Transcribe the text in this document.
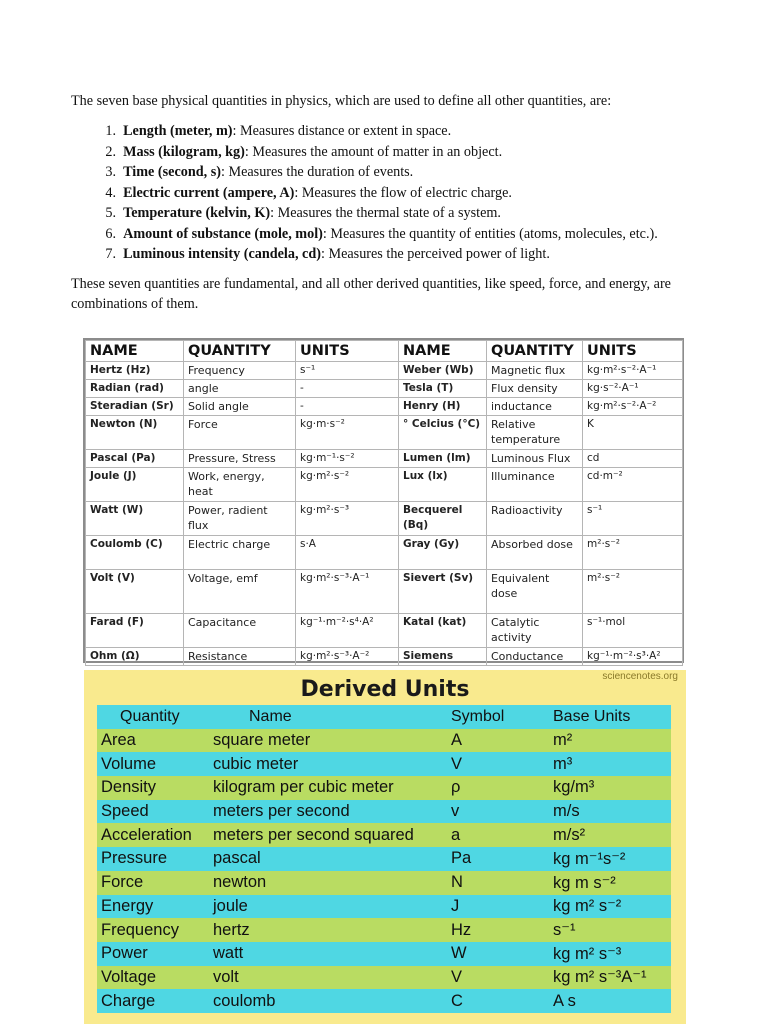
The seven base physical quantities in physics, which are used to define all other quantities, are:

1. Length (meter, m): Measures distance or extent in space.
2. Mass (kilogram, kg): Measures the amount of matter in an object.
3. Time (second, s): Measures the duration of events.
4. Electric current (ampere, A): Measures the flow of electric charge.
5. Temperature (kelvin, K): Measures the thermal state of a system.
6. Amount of substance (mole, mol): Measures the quantity of entities (atoms, molecules, etc.).
7. Luminous intensity (candela, cd): Measures the perceived power of light.

These seven quantities are fundamental, and all other derived quantities, like speed, force, and energy, are combinations of them.

NAME	QUANTITY	UNITS	NAME	QUANTITY	UNITS
Hertz (Hz)	Frequency	s⁻¹	Weber (Wb)	Magnetic flux	kg·m²·s⁻²·A⁻¹
Radian (rad)	angle	-	Tesla (T)	Flux density	kg·s⁻²·A⁻¹
Steradian (Sr)	Solid angle	-	Henry (H)	inductance	kg·m²·s⁻²·A⁻²
Newton (N)	Force	kg·m·s⁻²	° Celcius (°C)	Relative temperature	K
Pascal (Pa)	Pressure, Stress	kg·m⁻¹·s⁻²	Lumen (lm)	Luminous Flux	cd
Joule (J)	Work, energy, heat	kg·m²·s⁻²	Lux (lx)	Illuminance	cd·m⁻²
Watt (W)	Power, radient flux	kg·m²·s⁻³	Becquerel (Bq)	Radioactivity	s⁻¹
Coulomb (C)	Electric charge	s·A	Gray (Gy)	Absorbed dose	m²·s⁻²
Volt (V)	Voltage, emf	kg·m²·s⁻³·A⁻¹	Sievert (Sv)	Equivalent dose	m²·s⁻²
Farad (F)	Capacitance	kg⁻¹·m⁻²·s⁴·A²	Katal (kat)	Catalytic activity	s⁻¹·mol
Ohm (Ω)	Resistance	kg·m²·s⁻³·A⁻²	Siemens	Conductance	kg⁻¹·m⁻²·s³·A²
sciencenotes.org
Derived Units
Quantity	Name	Symbol	Base Units
Area	square meter	A	m²
Volume	cubic meter	V	m³
Density	kilogram per cubic meter	ρ	kg/m³
Speed	meters per second	v	m/s
Acceleration	meters per second squared	a	m/s²
Pressure	pascal	Pa	kg m⁻¹s⁻²
Force	newton	N	kg m s⁻²
Energy	joule	J	kg m² s⁻²
Frequency	hertz	Hz	s⁻¹
Power	watt	W	kg m² s⁻³
Voltage	volt	V	kg m² s⁻³A⁻¹
Charge	coulomb	C	A s
